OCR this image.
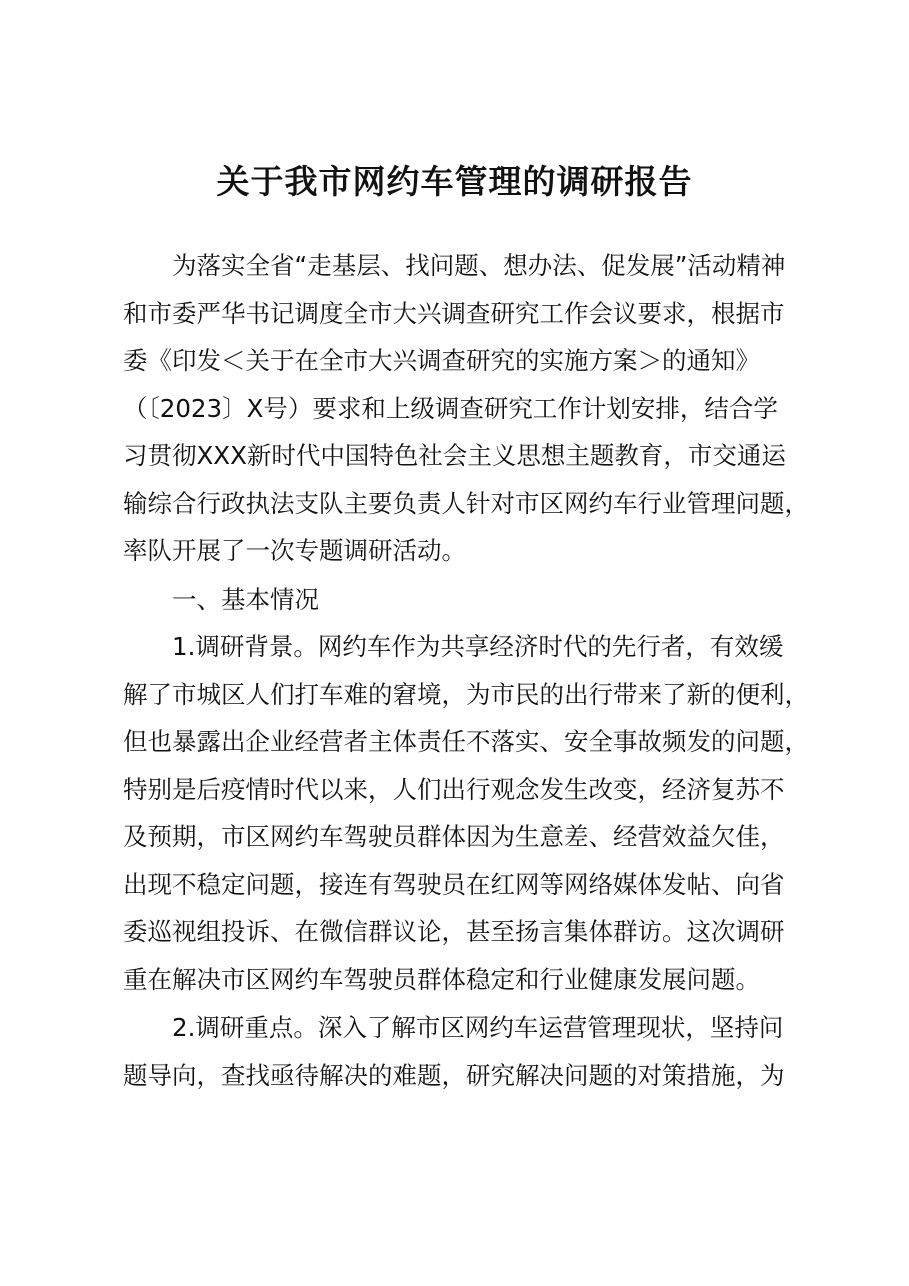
关于我市网约车管理的调研报告
为落实全省“走基层、找问题、想办法、促发展”活动精神
和市委严华书记调度全市大兴调查研究工作会议要求，根据市
委《印发＜关于在全市大兴调查研究的实施方案＞的通知》
（〔2023〕X号）要求和上级调查研究工作计划安排，结合学
习贯彻XXX新时代中国特色社会主义思想主题教育，市交通运
输综合行政执法支队主要负责人针对市区网约车行业管理问题，
率队开展了一次专题调研活动。
一、基本情况
1.调研背景。网约车作为共享经济时代的先行者，有效缓
解了市城区人们打车难的窘境，为市民的出行带来了新的便利，
但也暴露出企业经营者主体责任不落实、安全事故频发的问题，
特别是后疫情时代以来，人们出行观念发生改变，经济复苏不
及预期，市区网约车驾驶员群体因为生意差、经营效益欠佳，
出现不稳定问题，接连有驾驶员在红网等网络媒体发帖、向省
委巡视组投诉、在微信群议论，甚至扬言集体群访。这次调研
重在解决市区网约车驾驶员群体稳定和行业健康发展问题。
2.调研重点。深入了解市区网约车运营管理现状，坚持问
题导向，查找亟待解决的难题，研究解决问题的对策措施，为
